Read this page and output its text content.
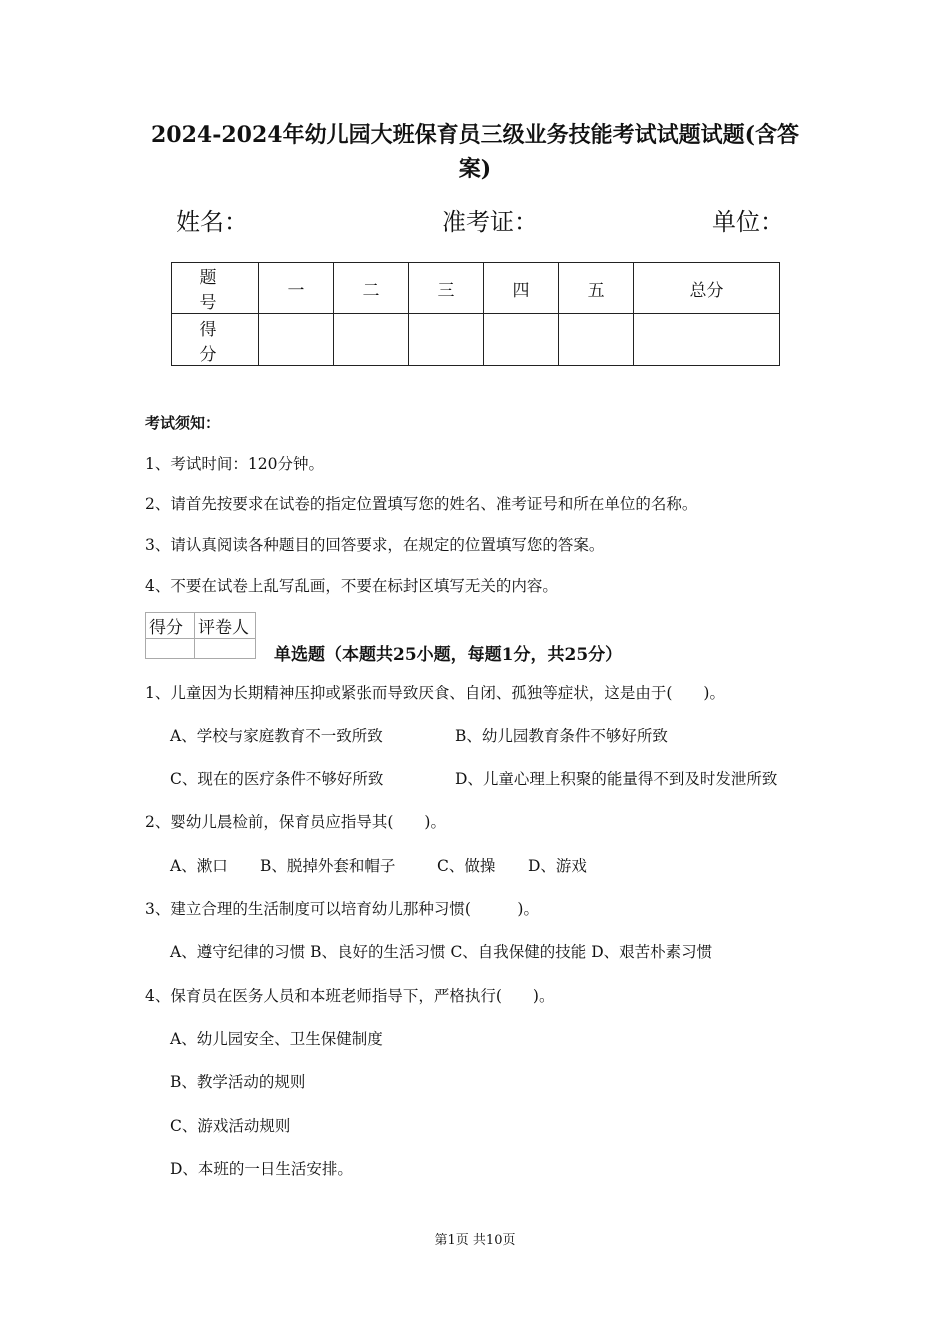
2024-2024年幼儿园大班保育员三级业务技能考试试题试题(含答案)
姓名：	准考证：	单位：
题　号	一	二	三	四	五	总分
得　分						
考试须知：
1、考试时间：120分钟。
2、请首先按要求在试卷的指定位置填写您的姓名、准考证号和所在单位的名称。
3、请认真阅读各种题目的回答要求，在规定的位置填写您的答案。
4、不要在试卷上乱写乱画，不要在标封区填写无关的内容。
得分	评卷人

单选题（本题共25小题，每题1分，共25分）
1、儿童因为长期精神压抑或紧张而导致厌食、自闭、孤独等症状，这是由于(　　)。
A、学校与家庭教育不一致所致	B、幼儿园教育条件不够好所致
C、现在的医疗条件不够好所致	D、儿童心理上积聚的能量得不到及时发泄所致
2、婴幼儿晨检前，保育员应指导其(　　)。
A、漱口 B、脱掉外套和帽子	C、做操 D、游戏
3、建立合理的生活制度可以培育幼儿那种习惯(　　　)。
A、遵守纪律的习惯 B、良好的生活习惯 C、自我保健的技能 D、艰苦朴素习惯
4、保育员在医务人员和本班老师指导下，严格执行(　　)。
A、幼儿园安全、卫生保健制度
B、教学活动的规则
C、游戏活动规则
D、本班的一日生活安排。
第1页 共10页
